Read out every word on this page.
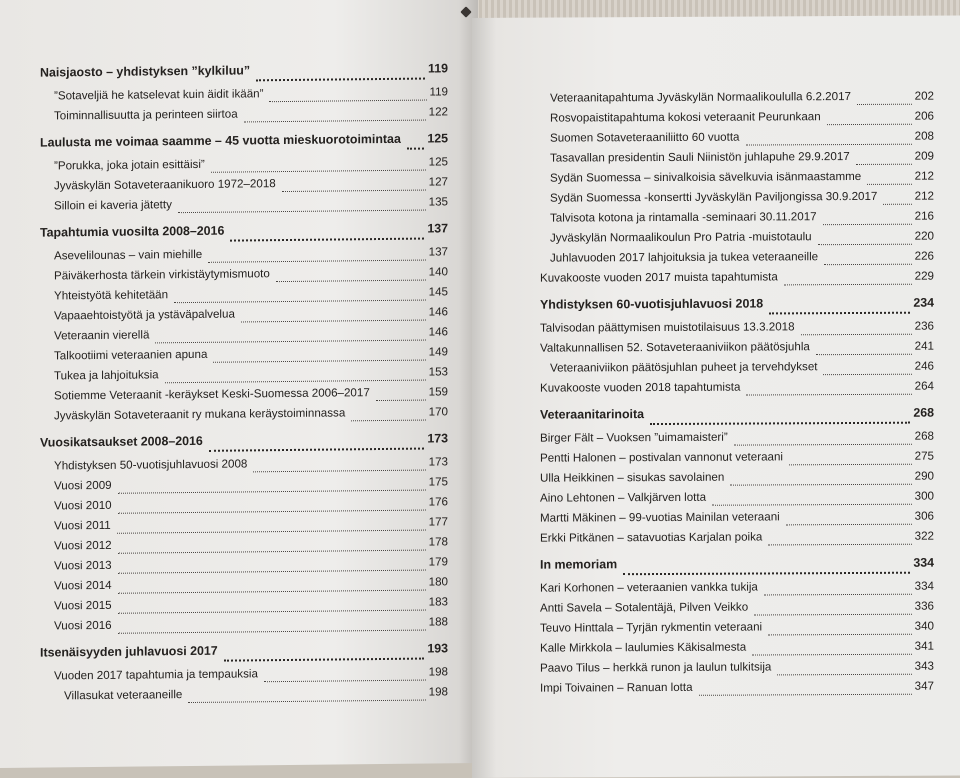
Naisjaosto – yhdistyksen ”kylkiluu”	119
”Sotaveljiä he katselevat kuin äidit ikään”	119
Toiminnallisuutta ja perinteen siirtoa	122
Laulusta me voimaa saamme – 45 vuotta mieskuorotoimintaa 125
”Porukka, joka jotain esittäisi”	125
Jyväskylän Sotaveteraanikuoro 1972–2018	127
Silloin ei kaveria jätetty	135
Tapahtumia vuosilta 2008–2016	137
Asevelilounas – vain miehille	137
Päiväkerhosta tärkein virkistäytymismuoto	140
Yhteistyötä kehitetään	145
Vapaaehtoistyötä ja ystäväpalvelua	146
Veteraanin vierellä	146
Talkootiimi veteraanien apuna	149
Tukea ja lahjoituksia	153
Sotiemme Veteraanit -keräykset Keski-Suomessa 2006–2017	159
Jyväskylän Sotaveteraanit ry mukana keräystoiminnassa	170
Vuosikatsaukset 2008–2016	173
Yhdistyksen 50-vuotisjuhlavuosi 2008	173
Vuosi 2009	175
Vuosi 2010	176
Vuosi 2011	177
Vuosi 2012	178
Vuosi 2013	179
Vuosi 2014	180
Vuosi 2015	183
Vuosi 2016	188
Itsenäisyyden juhlavuosi 2017	193
Vuoden 2017 tapahtumia ja tempauksia	198
Villasukat veteraaneille	198
Veteraanitapahtuma Jyväskylän Normaalikoululla 6.2.2017	202
Rosvopaistitapahtuma kokosi veteraanit Peurunkaan	206
Suomen Sotaveteraaniliitto 60 vuotta	208
Tasavallan presidentin Sauli Niinistön juhlapuhe 29.9.2017	209
Sydän Suomessa – sinivalkoisia sävelkuvia isänmaastamme	212
Sydän Suomessa -konsertti Jyväskylän Paviljongissa 30.9.2017	212
Talvisota kotona ja rintamalla -seminaari 30.11.2017	216
Jyväskylän Normaalikoulun Pro Patria -muistotaulu	220
Juhlavuoden 2017 lahjoituksia ja tukea veteraaneille	226
Kuvakooste vuoden 2017 muista tapahtumista	229
Yhdistyksen 60-vuotisjuhlavuosi 2018	234
Talvisodan päättymisen muistotilaisuus 13.3.2018	236
Valtakunnallisen 52. Sotaveteraaniviikon päätösjuhla	241
Veteraaniviikon päätösjuhlan puheet ja tervehdykset	246
Kuvakooste vuoden 2018 tapahtumista	264
Veteraanitarinoita	268
Birger Fält – Vuoksen ”uimamaisteri”	268
Pentti Halonen – postivalan vannonut veteraani	275
Ulla Heikkinen – sisukas savolainen	290
Aino Lehtonen – Valkjärven lotta	300
Martti Mäkinen – 99-vuotias Mainilan veteraani	306
Erkki Pitkänen – satavuotias Karjalan poika	322
In memoriam	334
Kari Korhonen – veteraanien vankka tukija	334
Antti Savela – Sotalentäjä, Pilven Veikko	336
Teuvo Hinttala – Tyrjän rykmentin veteraani	340
Kalle Mirkkola – laulumies Käkisalmesta	341
Paavo Tilus – herkkä runon ja laulun tulkitsija	343
Impi Toivainen – Ranuan lotta	347
